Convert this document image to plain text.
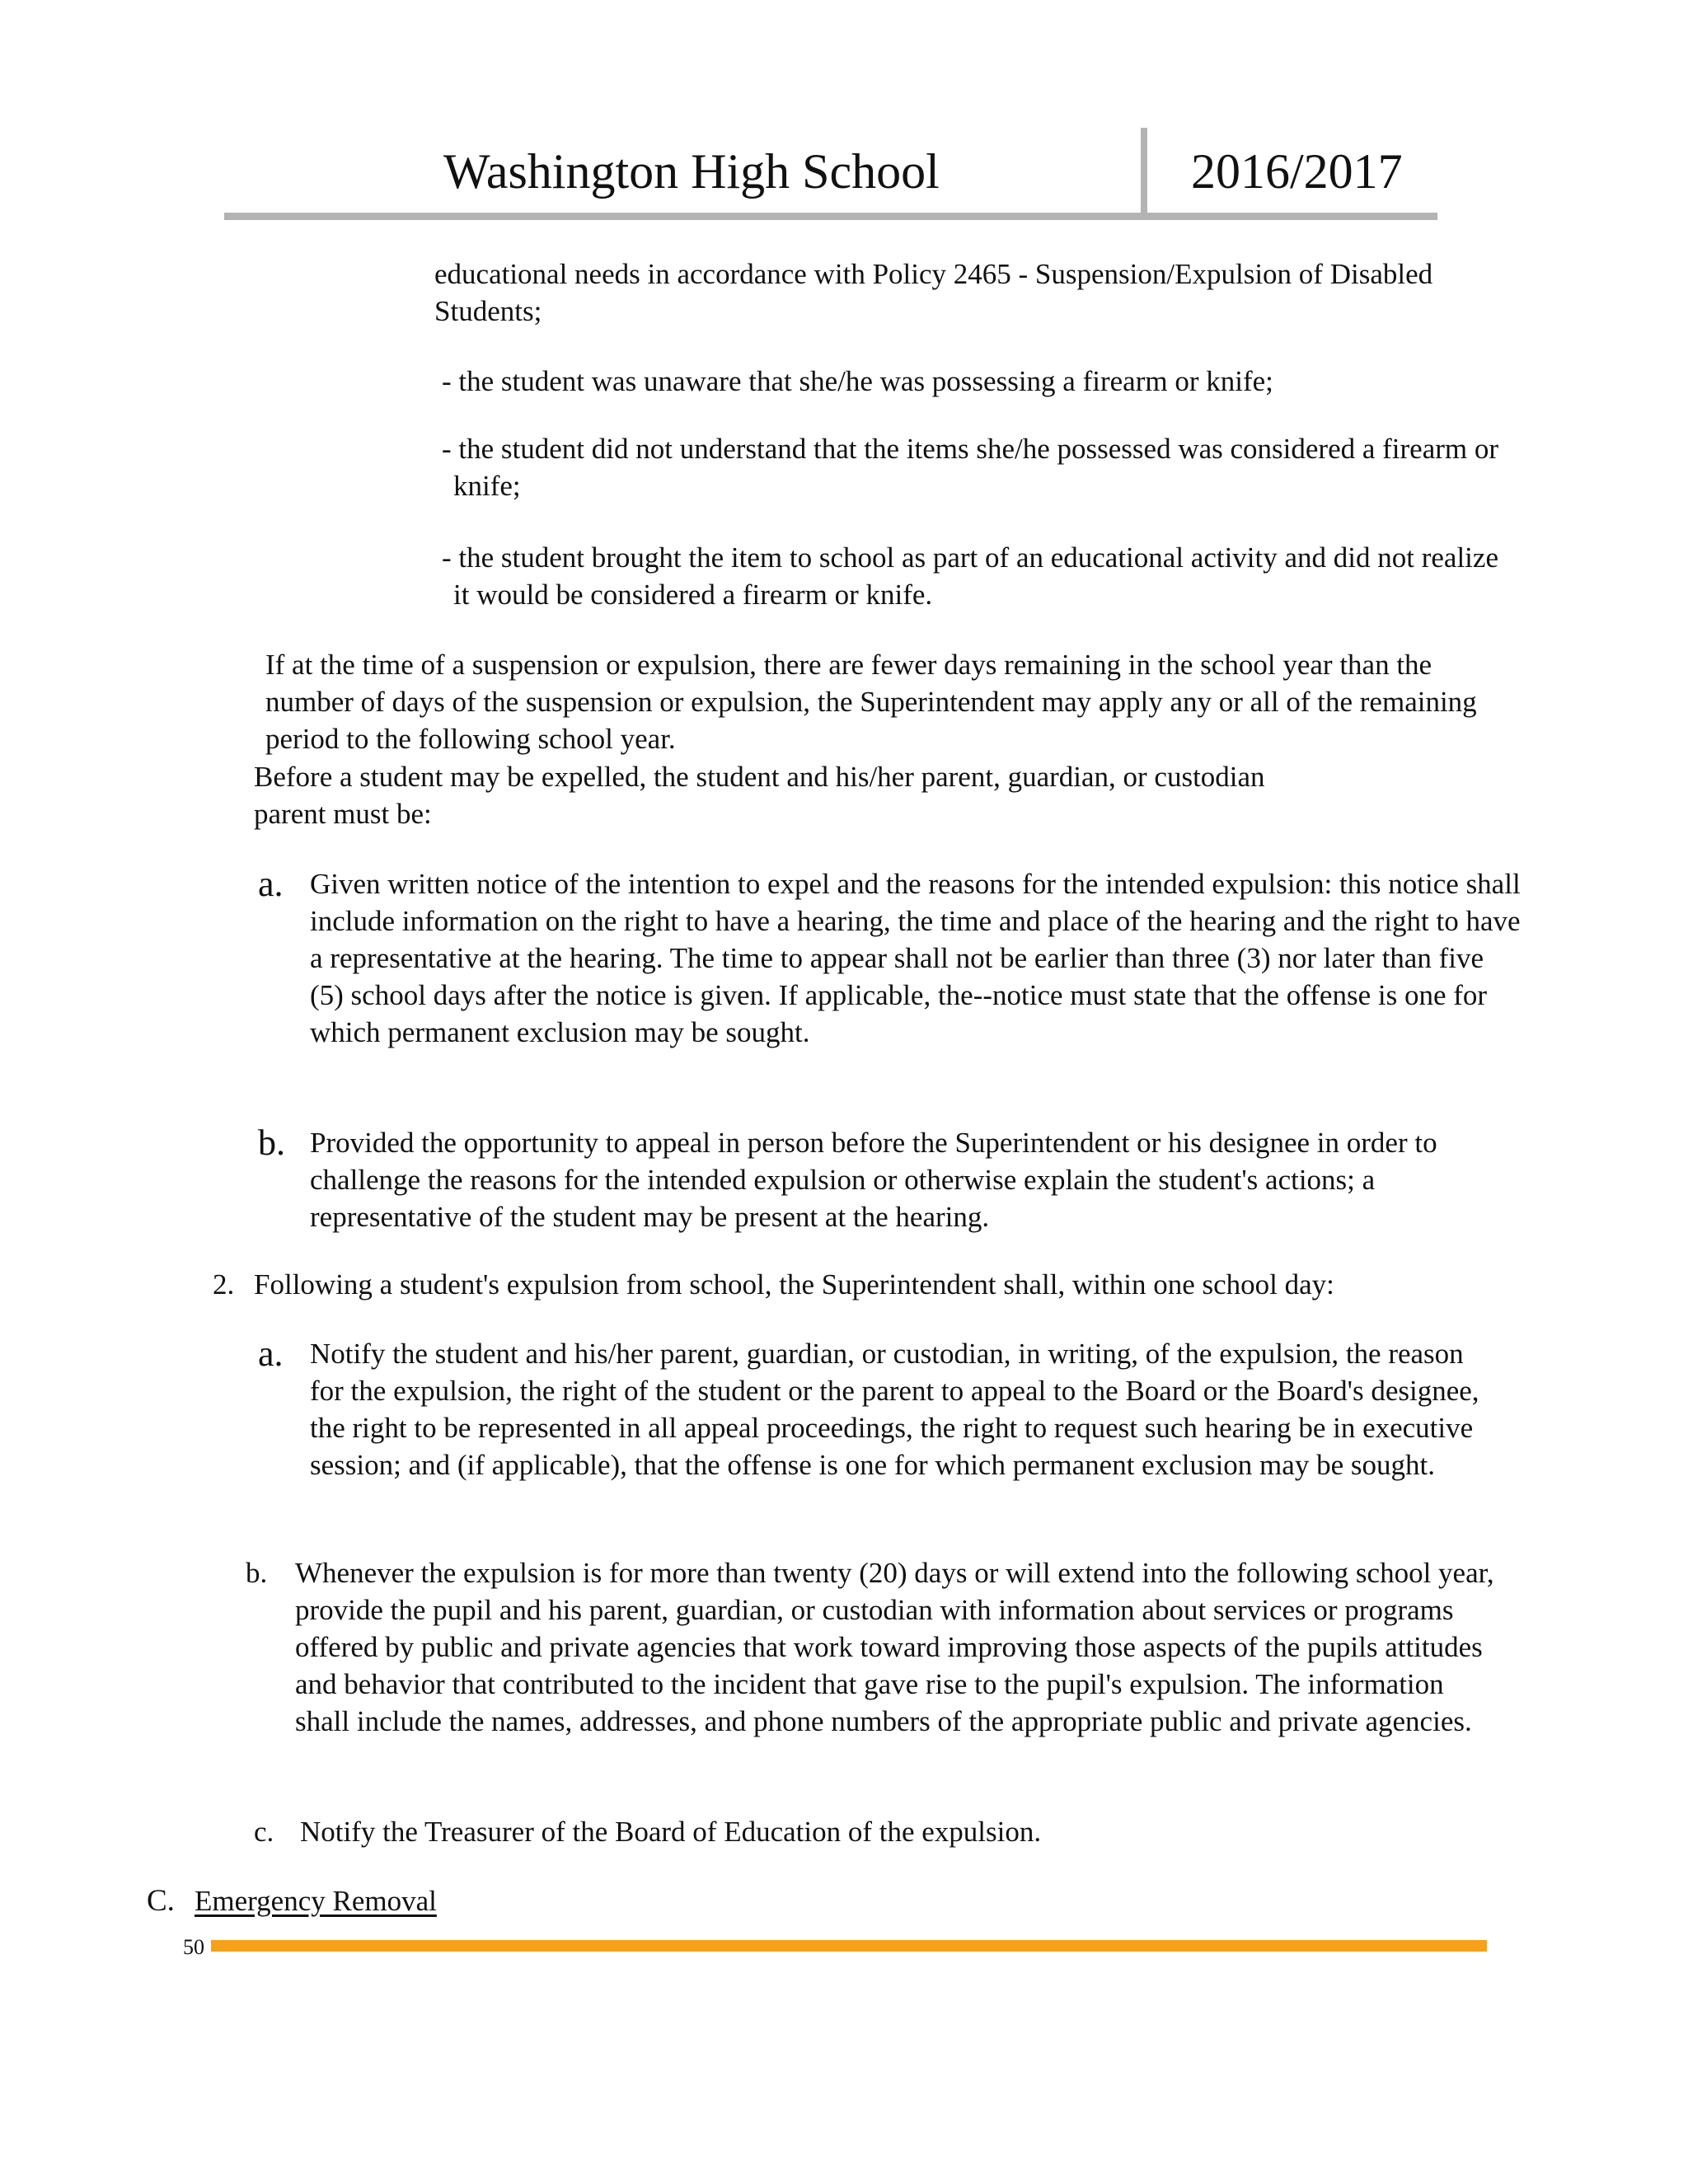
Washington High School	2016/2017
educational needs in accordance with Policy 2465 - Suspension/Expulsion of Disabled Students;
- the student was unaware that she/he was possessing a firearm or knife;
- the student did not understand that the items she/he possessed was considered a firearm or knife;
- the student brought the item to school as part of an educational activity and did not realize it would be considered a firearm or knife.
If at the time of a suspension or expulsion, there are fewer days remaining in the school year than the number of days of the suspension or expulsion, the Superintendent may apply any or all of the remaining period to the following school year.
Before a student may be expelled, the student and his/her parent, guardian, or custodian parent must be:
a. Given written notice of the intention to expel and the reasons for the intended expulsion: this notice shall include information on the right to have a hearing, the time and place of the hearing and the right to have a representative at the hearing. The time to appear shall not be earlier than three (3) nor later than five (5) school days after the notice is given. If applicable, the--notice must state that the offense is one for which permanent exclusion may be sought.
b. Provided the opportunity to appeal in person before the Superintendent or his designee in order to challenge the reasons for the intended expulsion or otherwise explain the student's actions; a representative of the student may be present at the hearing.
2. Following a student's expulsion from school, the Superintendent shall, within one school day:
a. Notify the student and his/her parent, guardian, or custodian, in writing, of the expulsion, the reason for the expulsion, the right of the student or the parent to appeal to the Board or the Board's designee, the right to be represented in all appeal proceedings, the right to request such hearing be in executive session; and (if applicable), that the offense is one for which permanent exclusion may be sought.
b. Whenever the expulsion is for more than twenty (20) days or will extend into the following school year, provide the pupil and his parent, guardian, or custodian with information about services or programs offered by public and private agencies that work toward improving those aspects of the pupils attitudes and behavior that contributed to the incident that gave rise to the pupil's expulsion. The information shall include the names, addresses, and phone numbers of the appropriate public and private agencies.
c. Notify the Treasurer of the Board of Education of the expulsion.
C. Emergency Removal
50
